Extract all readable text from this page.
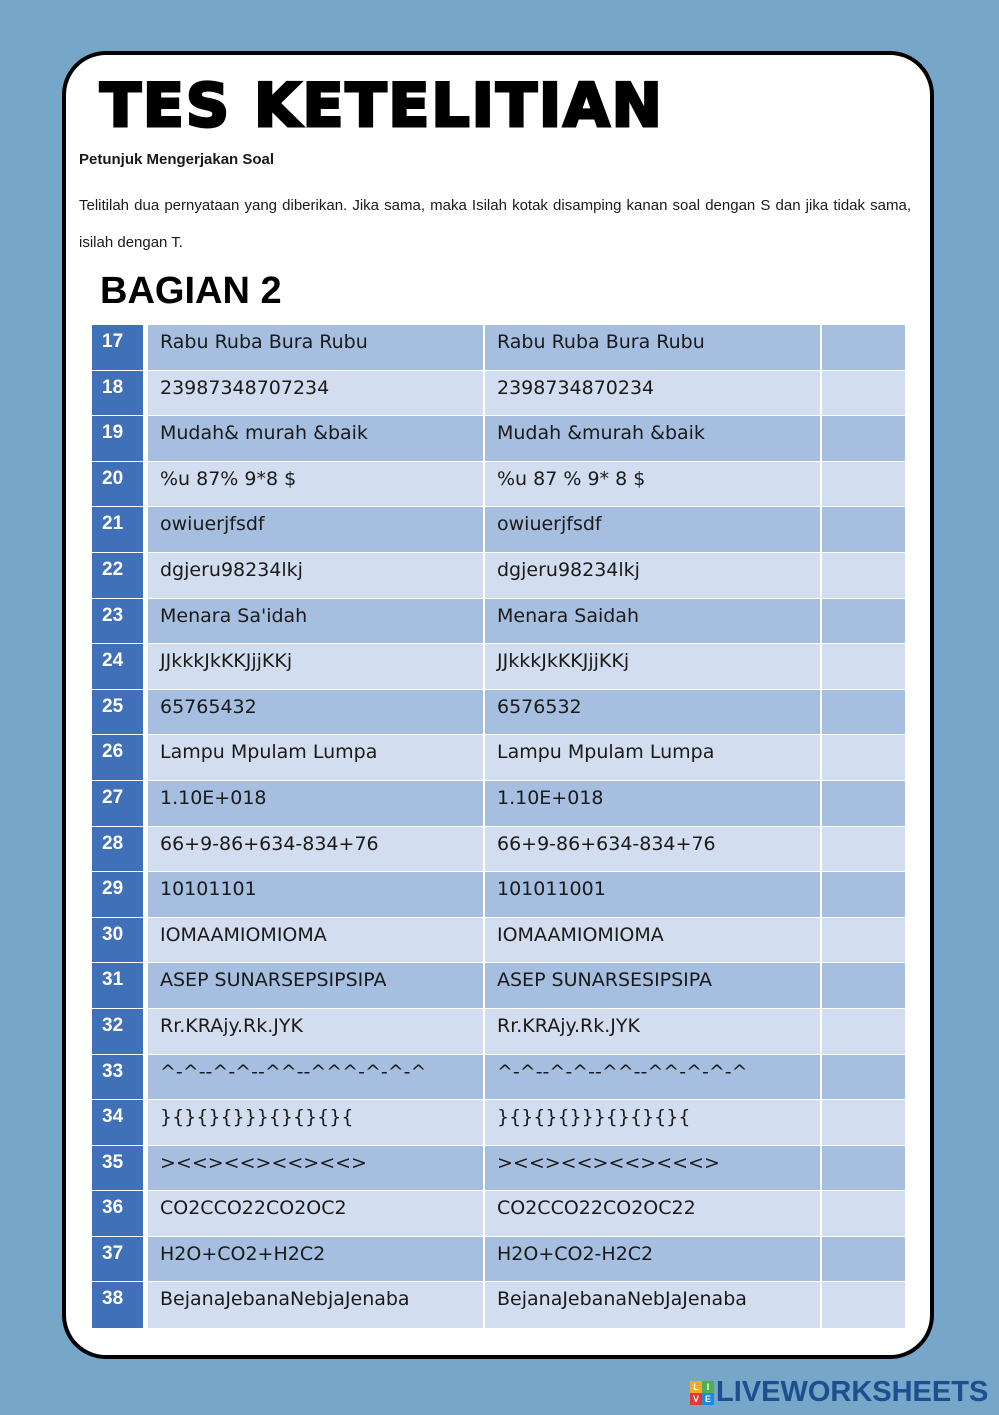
TES KETELITIAN
Petunjuk Mengerjakan Soal
Telitilah dua pernyataan yang diberikan. Jika sama, maka Isilah kotak disamping kanan soal dengan S dan jika tidak sama, isilah dengan T.
BAGIAN 2
17	Rabu Ruba Bura Rubu	Rabu Ruba Bura Rubu
18	23987348707234	2398734870234
19	Mudah& murah &baik	Mudah &murah &baik
20	%u 87% 9*8 $	%u 87 % 9* 8 $
21	owiuerjfsdf	owiuerjfsdf
22	dgjeru98234lkj	dgjeru98234lkj
23	Menara Sa'idah	Menara Saidah
24	JJkkkJkKKJjjKKj	JJkkkJkKKJjjKKj
25	65765432	6576532
26	Lampu Mpulam Lumpa	Lampu Mpulam Lumpa
27	1.10E+018	1.10E+018
28	66+9-86+634-834+76	66+9-86+634-834+76
29	10101101	101011001
30	IOMAAMIOMIOMA	IOMAAMIOMIOMA
31	ASEP SUNARSEPSIPSIPA	ASEP SUNARSESIPSIPA
32	Rr.KRAjy.Rk.JYK	Rr.KRAjy.Rk.JYK
33	^-^--^-^--^^--^^^-^-^-^	^-^--^-^--^^--^^-^-^-^
34	}{}{}{}}}{}{}{}{	}{}{}{}}}{}{}{}{
35	><<><<><<><<>	><<><<><<><<<>
36	CO2CCO22CO2OC2	CO2CCO22CO2OC22
37	H2O+CO2+H2C2	H2O+CO2-H2C2
38	BejanaJebanaNebjaJenaba	BejanaJebanaNebJaJenaba
L I
V E LIVEWORKSHEETS
